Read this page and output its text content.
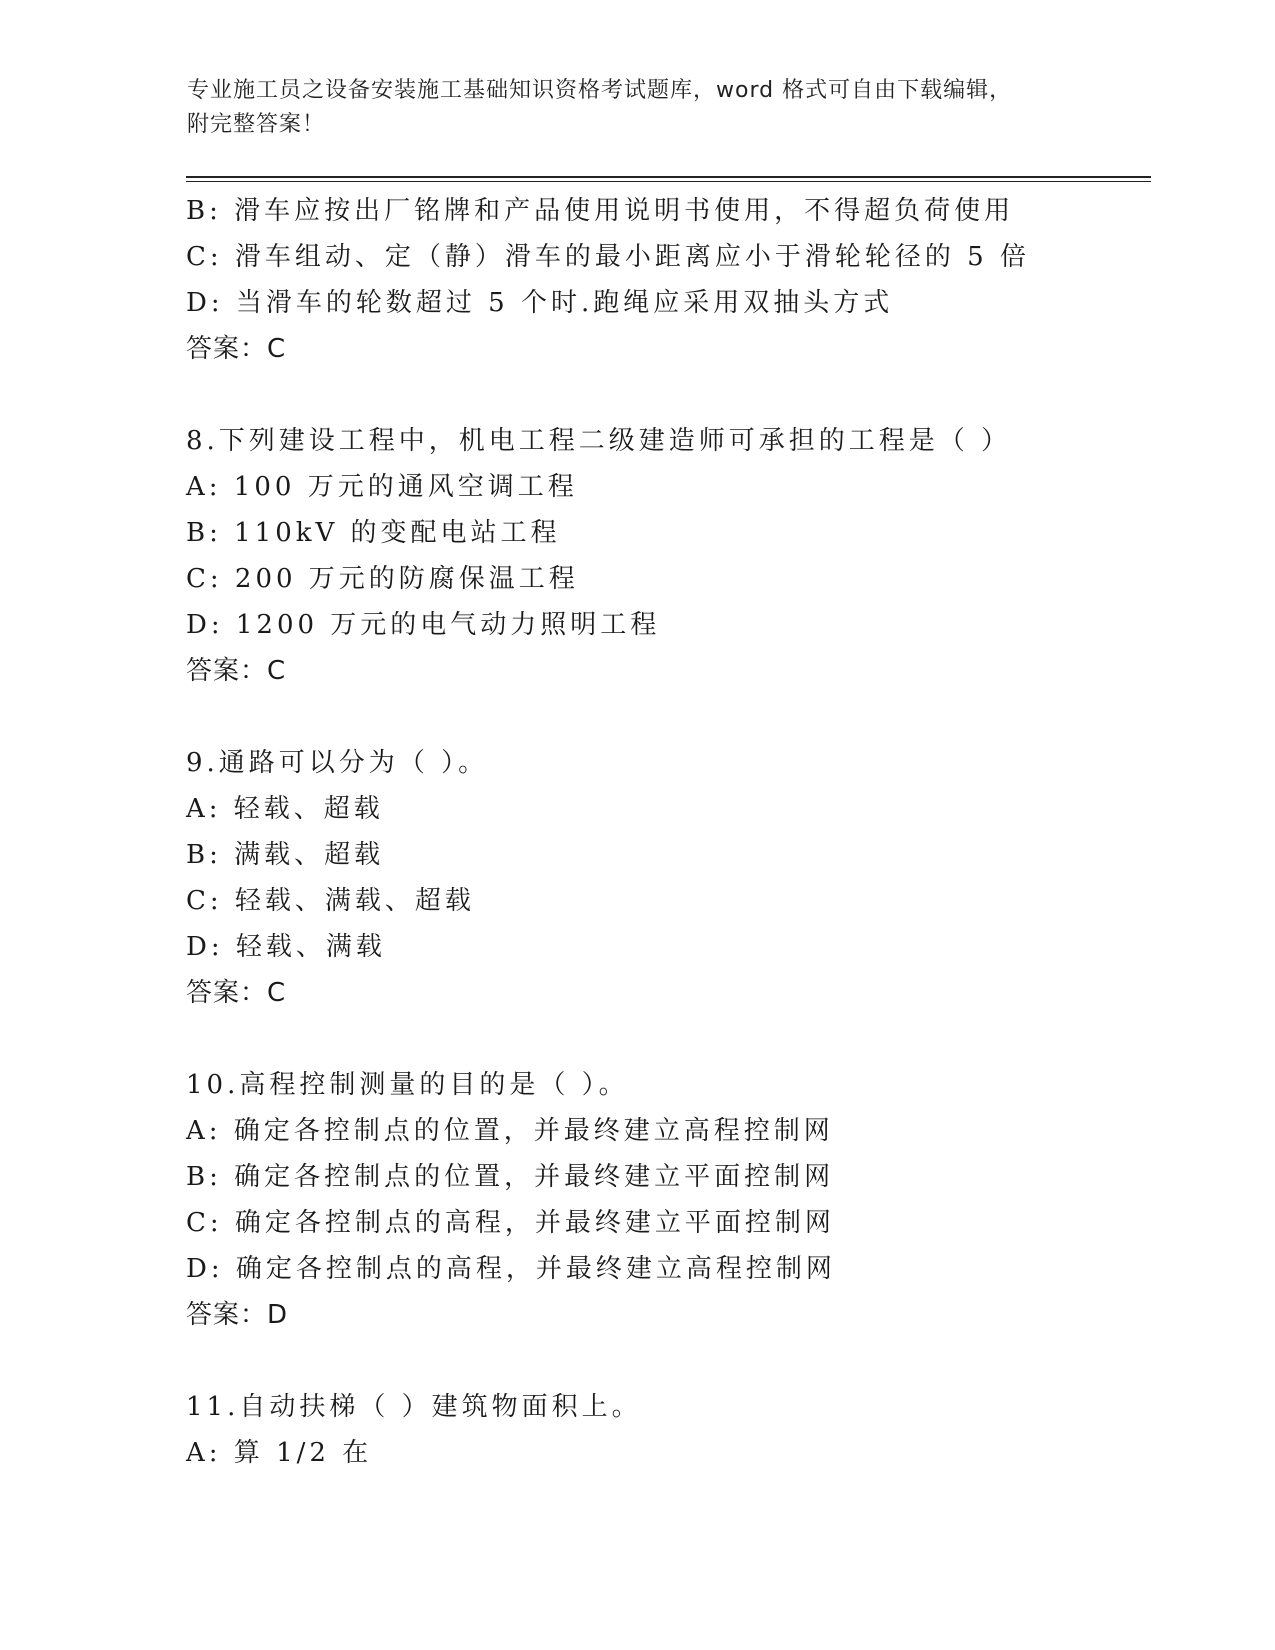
专业施工员之设备安装施工基础知识资格考试题库，word 格式可自由下载编辑，
附完整答案！
B: 滑车应按出厂铭牌和产品使用说明书使用，不得超负荷使用
C: 滑车组动、定（静）滑车的最小距离应小于滑轮轮径的 5 倍
D: 当滑车的轮数超过 5 个时.跑绳应采用双抽头方式
答案：C
8.下列建设工程中，机电工程二级建造师可承担的工程是（ ）
A: 100 万元的通风空调工程
B: 110kV 的变配电站工程
C: 200 万元的防腐保温工程
D: 1200 万元的电气动力照明工程
答案：C
9.通路可以分为（ ）。
A: 轻载、超载
B: 满载、超载
C: 轻载、满载、超载
D: 轻载、满载
答案：C
10.高程控制测量的目的是（ ）。
A: 确定各控制点的位置，并最终建立高程控制网
B: 确定各控制点的位置，并最终建立平面控制网
C: 确定各控制点的高程，并最终建立平面控制网
D: 确定各控制点的高程，并最终建立高程控制网
答案：D
11.自动扶梯（ ）建筑物面积上。
A: 算 1/2 在
